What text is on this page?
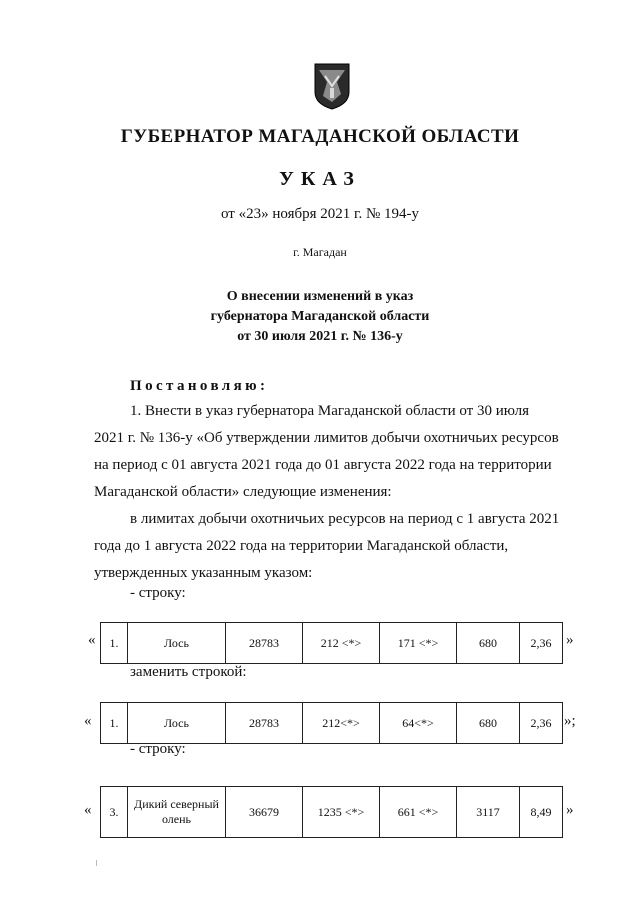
ГУБЕРНАТОР МАГАДАНСКОЙ ОБЛАСТИ
УКАЗ
от «23» ноября 2021 г. № 194-у
г. Магадан
О внесении изменений в указ
губернатора Магаданской области
от 30 июля 2021 г. № 136-у
Постановляю:
1. Внести в указ губернатора Магаданской области от 30 июля
2021 г. № 136-у «Об утверждении лимитов добычи охотничьих ресурсов
на период с 01 августа 2021 года до 01 августа 2022 года на территории
Магаданской области» следующие изменения:
в лимитах добычи охотничьих ресурсов на период с 1 августа 2021
года до 1 августа 2022 года на территории Магаданской области,
утвержденных указанным указом:
- строку:
« 1.	Лось	28783	212 <*>	171 <*>	680	2,36 »
заменить строкой:
« 1.	Лось	28783	212<*>	64<*>	680	2,36 »;
- строку:
« 3.	Дикий северный олень	36679	1235 <*>	661 <*>	3117	8,49 »
